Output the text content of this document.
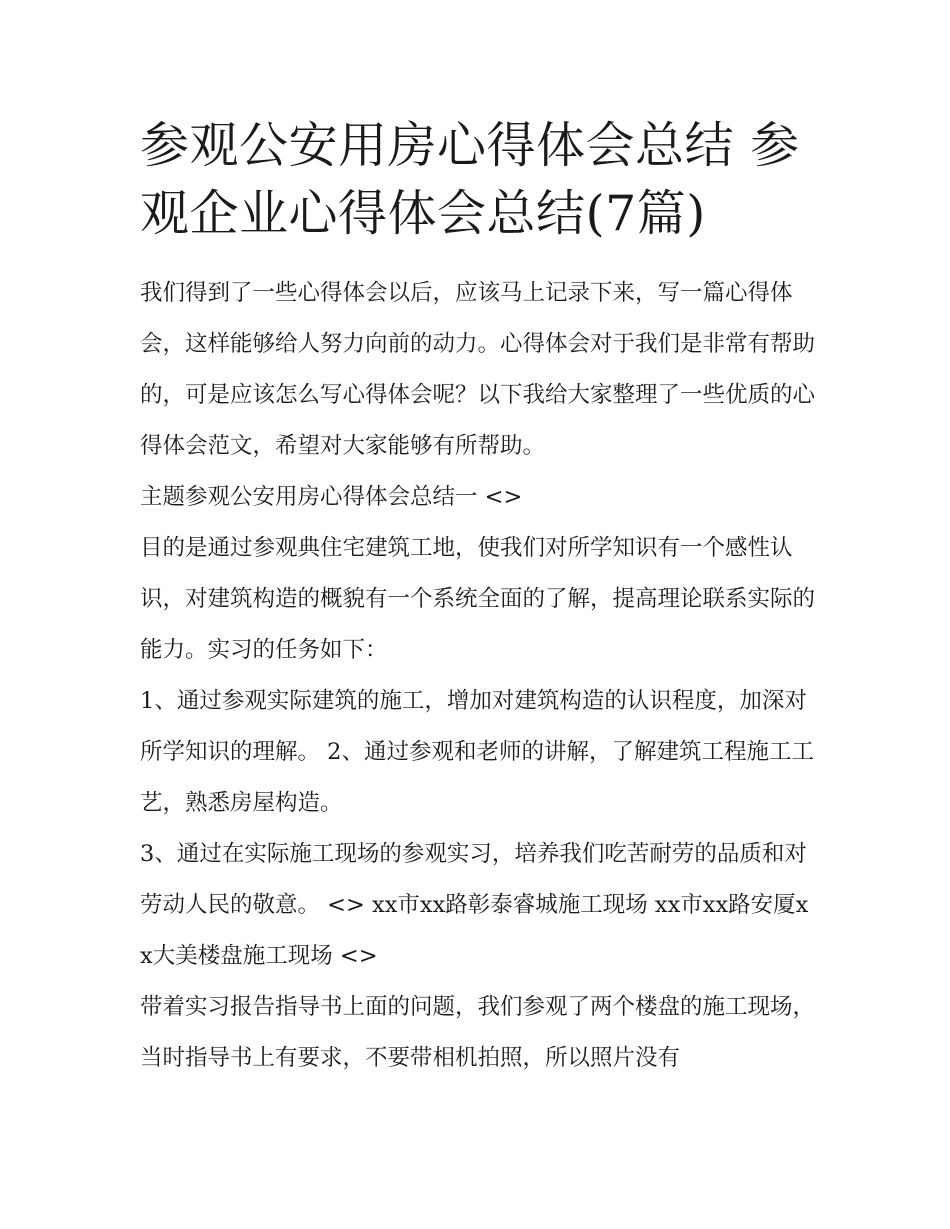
参观公安用房心得体会总结 参观企业心得体会总结(7篇)

我们得到了一些心得体会以后，应该马上记录下来，写一篇心得体会，这样能够给人努力向前的动力。心得体会对于我们是非常有帮助的，可是应该怎么写心得体会呢？以下我给大家整理了一些优质的心得体会范文，希望对大家能够有所帮助。

主题参观公安用房心得体会总结一 <>

目的是通过参观典住宅建筑工地，使我们对所学知识有一个感性认识，对建筑构造的概貌有一个系统全面的了解，提高理论联系实际的能力。实习的任务如下：

1、通过参观实际建筑的施工，增加对建筑构造的认识程度，加深对所学知识的理解。 2、通过参观和老师的讲解，了解建筑工程施工工艺，熟悉房屋构造。

3、通过在实际施工现场的参观实习，培养我们吃苦耐劳的品质和对劳动人民的敬意。 <> xx市xx路彰泰睿城施工现场 xx市xx路安厦xx大美楼盘施工现场 <>

带着实习报告指导书上面的问题，我们参观了两个楼盘的施工现场，当时指导书上有要求，不要带相机拍照，所以照片没有
